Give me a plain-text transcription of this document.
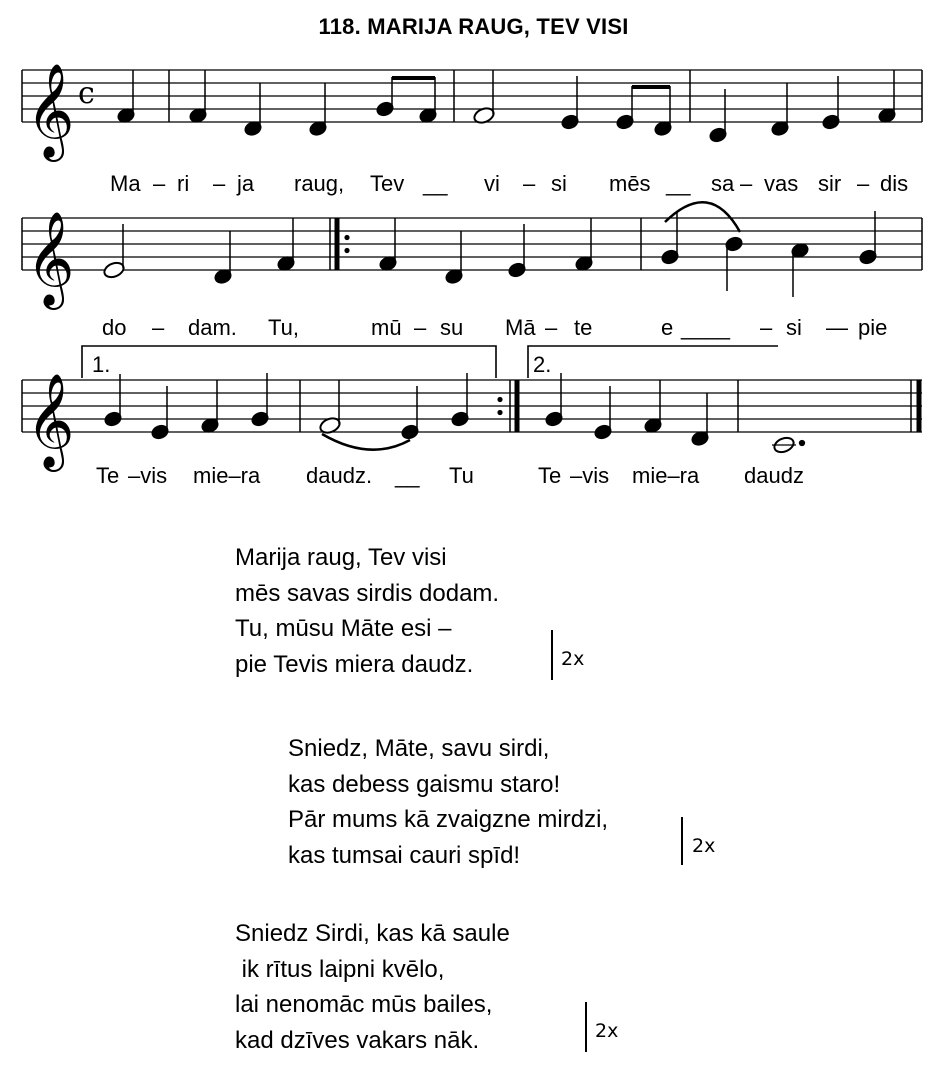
118. MARIJA RAUG, TEV VISI
𝄞 c
Ma – ri – ja raug, Tev __ vi – si mēs __ sa – vas sir – dis
𝄞
do – dam. Tu,	mū – su Mā – te	e ____ – si — pie
𝄞
1.	2.
Te –vis mie–ra daudz. __ Tu	Te –vis mie–ra daudz
Marija raug, Tev visi
mēs savas sirdis dodam.
Tu, mūsu Māte esi –
pie Tevis miera daudz.	2x
Sniedz, Māte, savu sirdi,
kas debess gaismu staro!
Pār mums kā zvaigzne mirdzi,
kas tumsai cauri spīd!	2x
Sniedz Sirdi, kas kā saule
ik rītus laipni kvēlo,
lai nenomāc mūs bailes,
kad dzīves vakars nāk.	2x
